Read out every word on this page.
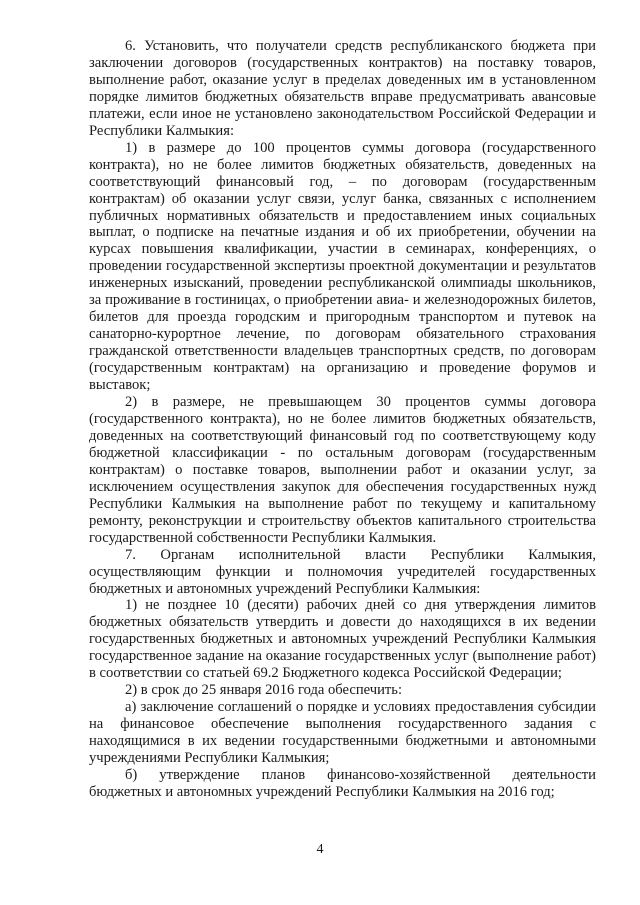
6. Установить, что получатели средств республиканского бюджета при заключении договоров (государственных контрактов) на поставку товаров, выполнение работ, оказание услуг в пределах доведенных им в установленном порядке лимитов бюджетных обязательств вправе предусматривать авансовые платежи, если иное не установлено законодательством Российской Федерации и Республики Калмыкия:

1) в размере до 100 процентов суммы договора (государственного контракта), но не более лимитов бюджетных обязательств, доведенных на соответствующий финансовый год, – по договорам (государственным контрактам) об оказании услуг связи, услуг банка, связанных с исполнением публичных нормативных обязательств и предоставлением иных социальных выплат, о подписке на печатные издания и об их приобретении, обучении на курсах повышения квалификации, участии в семинарах, конференциях, о проведении государственной экспертизы проектной документации и результатов инженерных изысканий, проведении республиканской олимпиады школьников, за проживание в гостиницах, о приобретении авиа- и железнодорожных билетов, билетов для проезда городским и пригородным транспортом и путевок на санаторно-курортное лечение, по договорам обязательного страхования гражданской ответственности владельцев транспортных средств, по договорам (государственным контрактам) на организацию и проведение форумов и выставок;

2) в размере, не превышающем 30 процентов суммы договора (государственного контракта), но не более лимитов бюджетных обязательств, доведенных на соответствующий финансовый год по соответствующему коду бюджетной классификации - по остальным договорам (государственным контрактам) о поставке товаров, выполнении работ и оказании услуг, за исключением осуществления закупок для обеспечения государственных нужд Республики Калмыкия на выполнение работ по текущему и капитальному ремонту, реконструкции и строительству объектов капитального строительства государственной собственности Республики Калмыкия.

7. Органам исполнительной власти Республики Калмыкия, осуществляющим функции и полномочия учредителей государственных бюджетных и автономных учреждений Республики Калмыкия:

1) не позднее 10 (десяти) рабочих дней со дня утверждения лимитов бюджетных обязательств утвердить и довести до находящихся в их ведении государственных бюджетных и автономных учреждений Республики Калмыкия государственное задание на оказание государственных услуг (выполнение работ) в соответствии со статьей 69.2 Бюджетного кодекса Российской Федерации;

2) в срок до 25 января 2016 года обеспечить:

а) заключение соглашений о порядке и условиях предоставления субсидии на финансовое обеспечение выполнения государственного задания с находящимися в их ведении государственными бюджетными и автономными учреждениями Республики Калмыкия;

б) утверждение планов финансово-хозяйственной деятельности бюджетных и автономных учреждений Республики Калмыкия на 2016 год;

4
